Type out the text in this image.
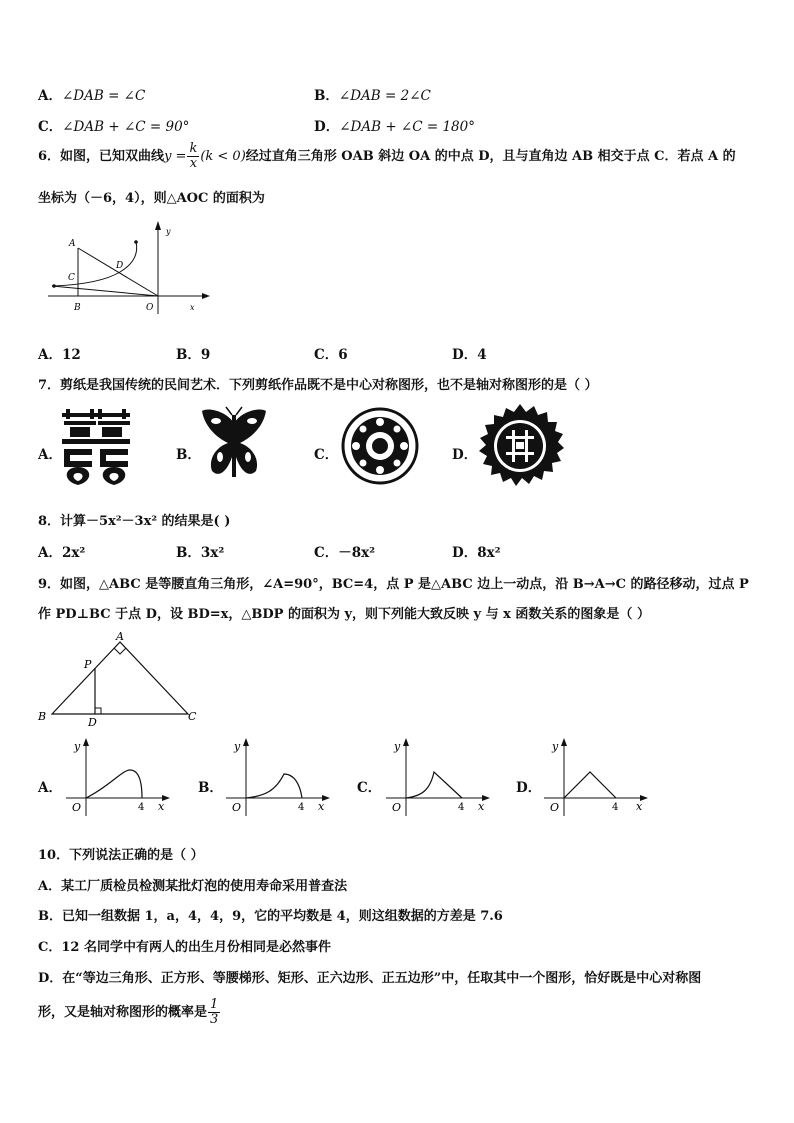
A．∠DAB = ∠C	B．∠DAB = 2∠C
C．∠DAB + ∠C = 90°	D．∠DAB + ∠C = 180°
6．如图，已知双曲线$y = \frac{k}{x} (k < 0)$经过直角三角形 OAB 斜边 OA 的中点 D，且与直角边 AB 相交于点 C．若点 A 的
坐标为（－6，4），则△AOC 的面积为
A
C
D
B	O	x
y
A．12	B．9	C．6	D．4
7．剪纸是我国传统的民间艺术．下列剪纸作品既不是中心对称图形，也不是轴对称图形的是（ ）
A．	B．	C．	D．
8．计算－5x²－3x² 的结果是( )
A．2x²	B．3x²	C．－8x²	D．8x²
9．如图，△ABC 是等腰直角三角形，∠A=90°，BC=4，点 P 是△ABC 边上一动点，沿 B→A→C 的路径移动，过点 P
作 PD⊥BC 于点 D，设 BD=x，△BDP 的面积为 y，则下列能大致反映 y 与 x 函数关系的图象是（ ）
A
P
B	D	C
A．
y
O	4 x
B．
y
O	4 x
C．
y
O	4 x
D．
y
O	4 x
10．下列说法正确的是（ ）
A．某工厂质检员检测某批灯泡的使用寿命采用普查法
B．已知一组数据 1，a，4，4，9，它的平均数是 4，则这组数据的方差是 7.6
C．12 名同学中有两人的出生月份相同是必然事件
D．在“等边三角形、正方形、等腰梯形、矩形、正六边形、正五边形”中，任取其中一个图形，恰好既是中心对称图
形，又是轴对称图形的概率是 $\frac{1}{3}$
